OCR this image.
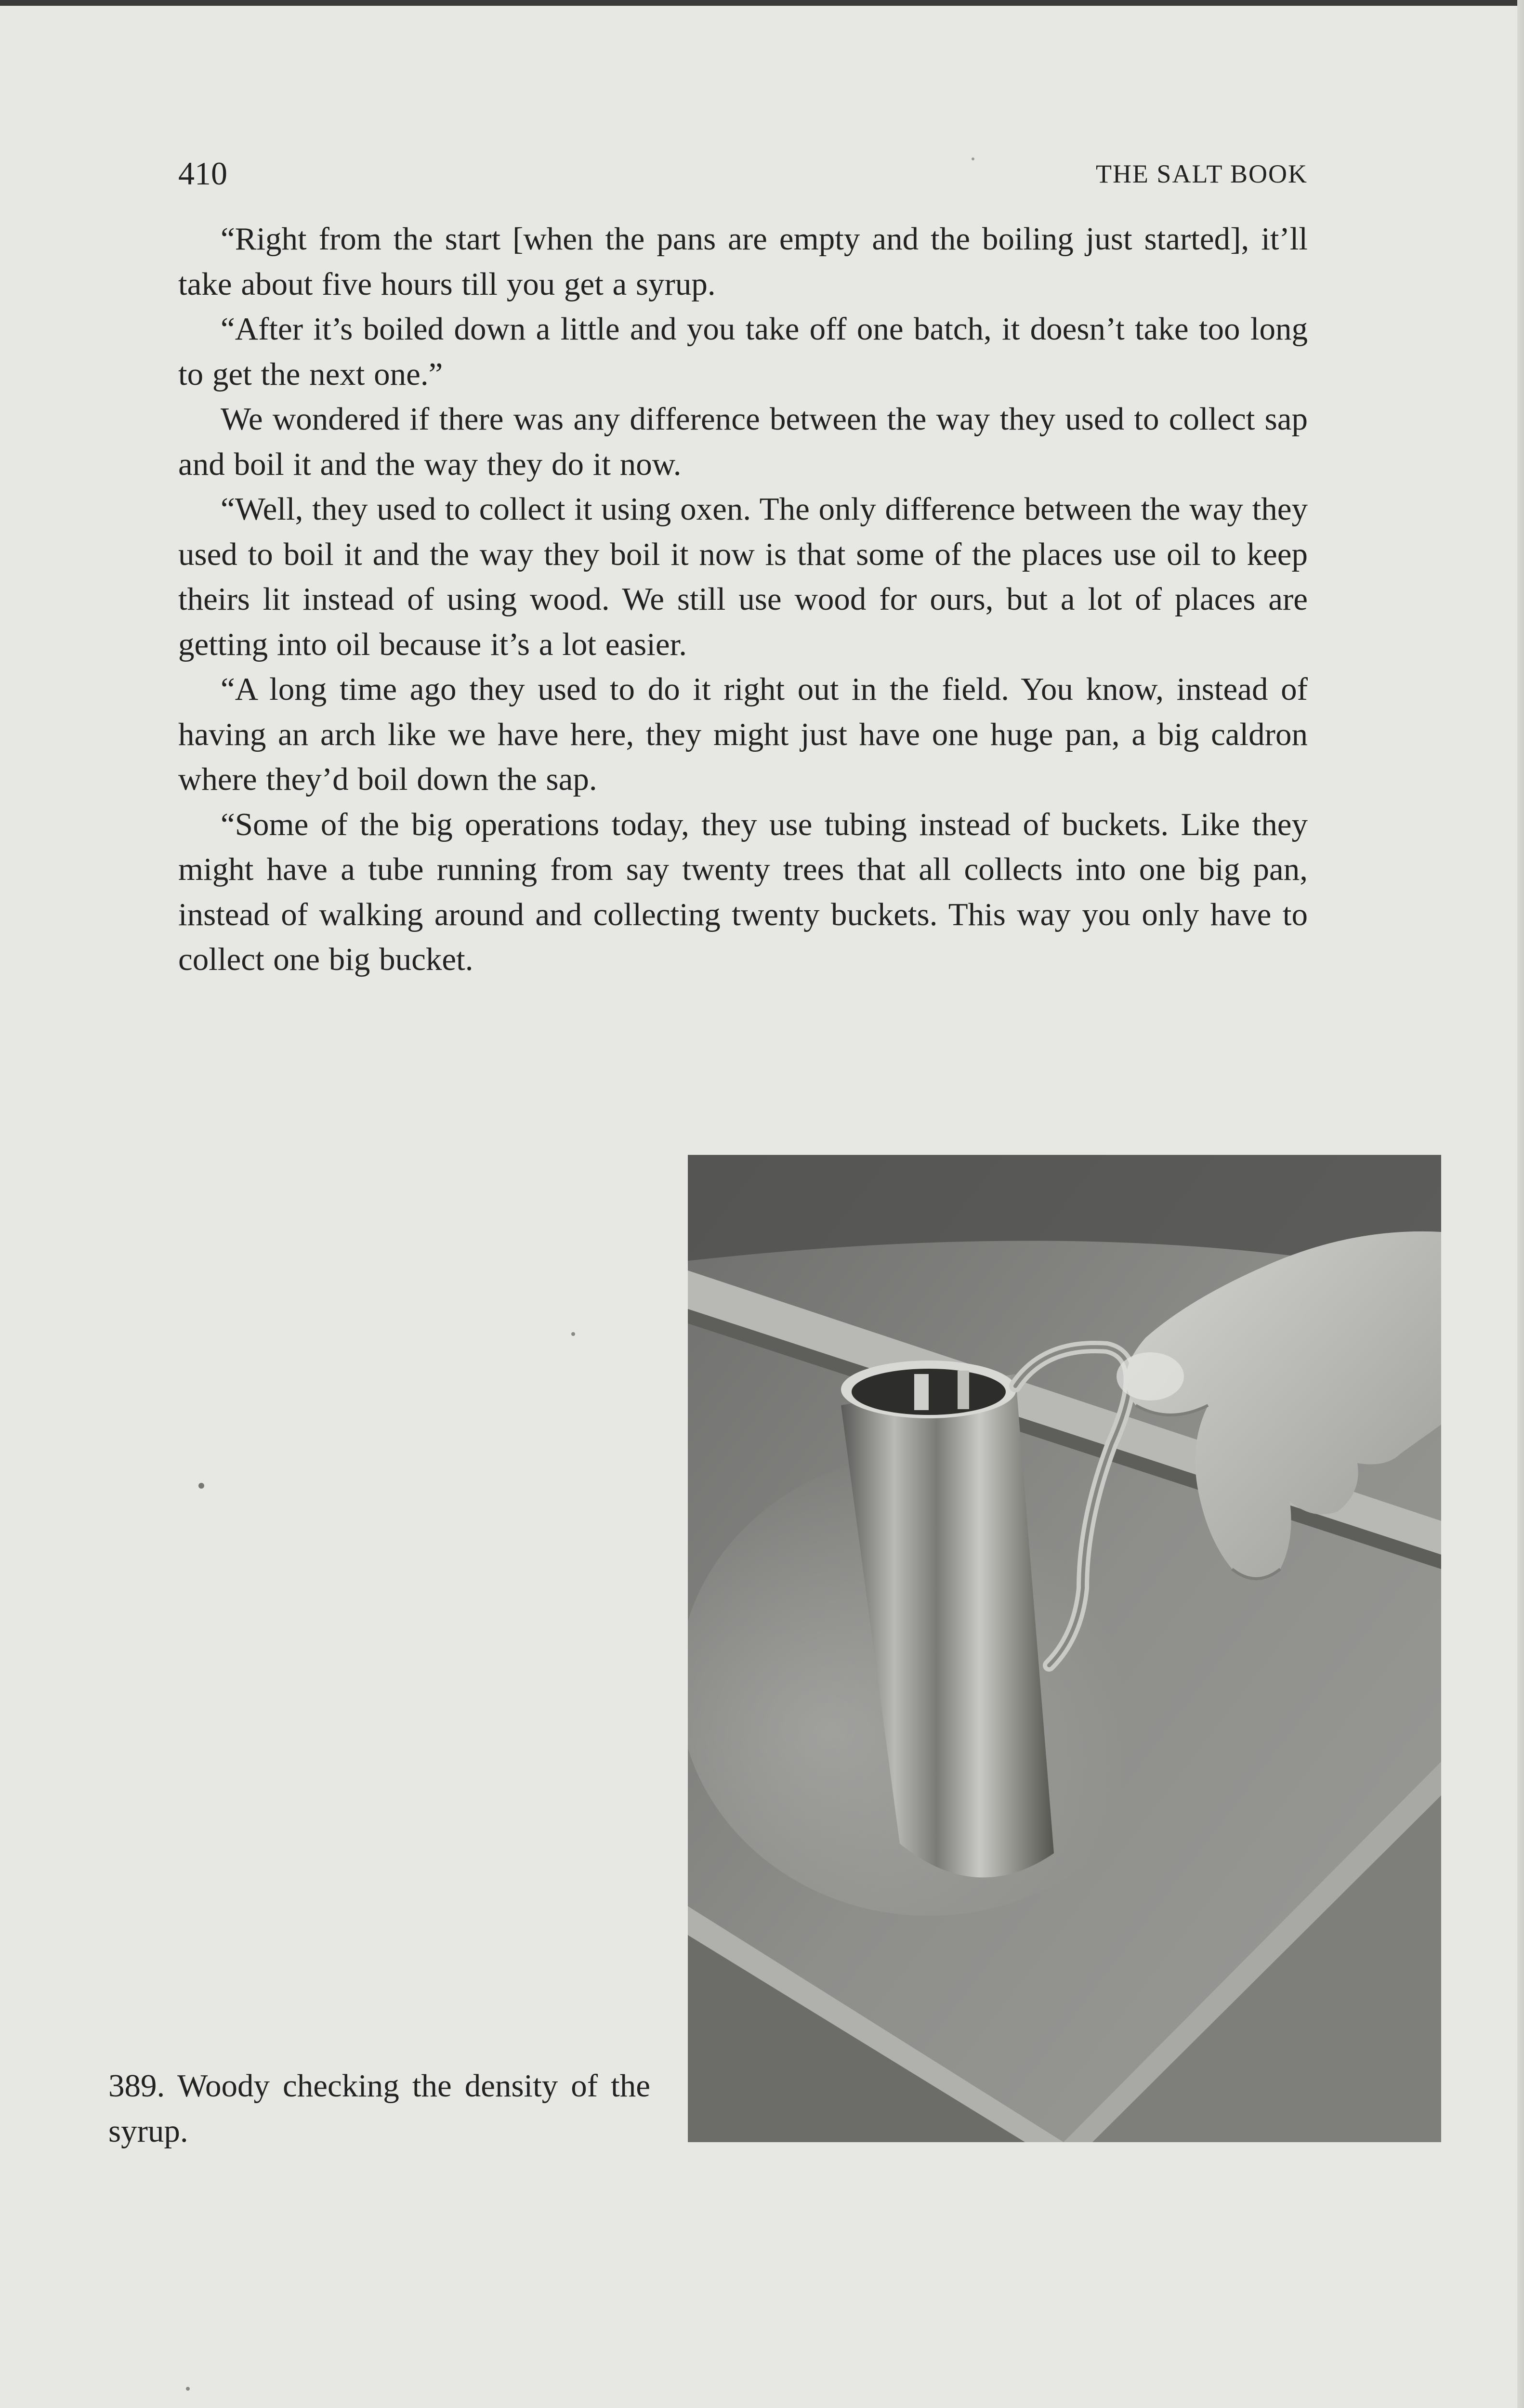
410	THE SALT BOOK

“Right from the start [when the pans are empty and the boiling just started], it’ll take about five hours till you get a syrup.

“After it’s boiled down a little and you take off one batch, it doesn’t take too long to get the next one.”

We wondered if there was any difference between the way they used to collect sap and boil it and the way they do it now.

“Well, they used to collect it using oxen. The only difference between the way they used to boil it and the way they boil it now is that some of the places use oil to keep theirs lit instead of using wood. We still use wood for ours, but a lot of places are getting into oil because it’s a lot easier.

“A long time ago they used to do it right out in the field. You know, instead of having an arch like we have here, they might just have one huge pan, a big caldron where they’d boil down the sap.

“Some of the big operations today, they use tubing instead of buckets. Like they might have a tube running from say twenty trees that all collects into one big pan, instead of walking around and collecting twenty buckets. This way you only have to collect one big bucket.

389. Woody checking the density of the syrup.
